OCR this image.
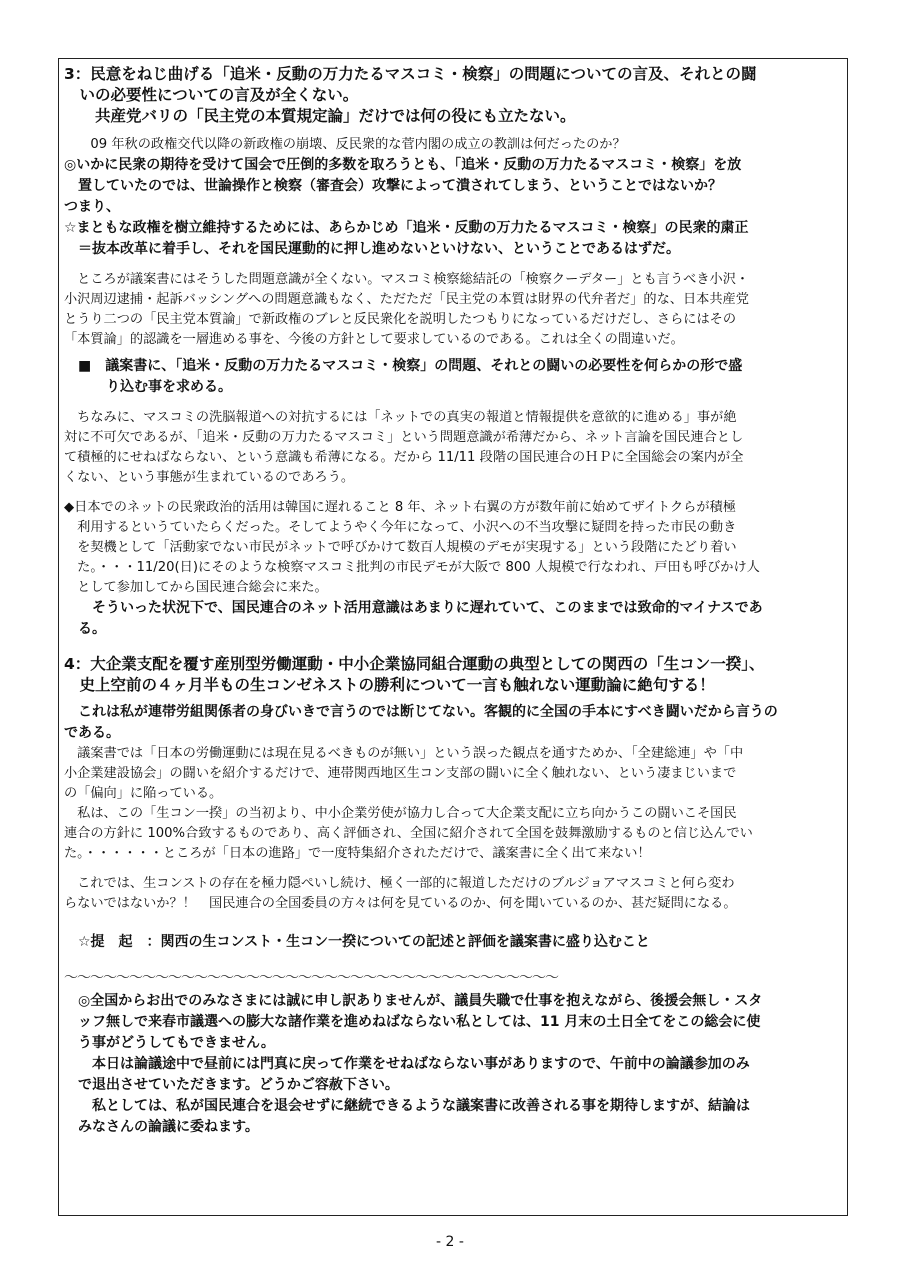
3：民意をねじ曲げる「追米・反動の万力たるマスコミ・検察」の問題についての言及、それとの闘
　いの必要性についての言及が全くない。
　　共産党バリの「民主党の本質規定論」だけでは何の役にも立たない。
　　09 年秋の政権交代以降の新政権の崩壊、反民衆的な菅内閣の成立の教訓は何だったのか？
◎いかに民衆の期待を受けて国会で圧倒的多数を取ろうとも、「追米・反動の万力たるマスコミ・検察」を放
　置していたのでは、世論操作と検察（審査会）攻撃によって潰されてしまう、ということではないか？
つまり、
☆まともな政権を樹立維持するためには、あらかじめ「追米・反動の万力たるマスコミ・検察」の民衆的粛正
　＝抜本改革に着手し、それを国民運動的に押し進めないといけない、ということであるはずだ。
　ところが議案書にはそうした問題意識が全くない。マスコミ検察総結託の「検察クーデター」とも言うべき小沢・
小沢周辺逮捕・起訴バッシングへの問題意識もなく、ただただ「民主党の本質は財界の代弁者だ」的な、日本共産党
とうり二つの「民主党本質論」で新政権のブレと反民衆化を説明したつもりになっているだけだし、さらにはその
「本質論」的認識を一層進める事を、今後の方針として要求しているのである。これは全くの間違いだ。
　■　議案書に、「追米・反動の万力たるマスコミ・検察」の問題、それとの闘いの必要性を何らかの形で盛
　　　り込む事を求める。
　ちなみに、マスコミの洗脳報道への対抗するには「ネットでの真実の報道と情報提供を意欲的に進める」事が絶
対に不可欠であるが、「追米・反動の万力たるマスコミ」という問題意識が希薄だから、ネット言論を国民連合とし
て積極的にせねばならない、という意識も希薄になる。だから 11/11 段階の国民連合のＨＰに全国総会の案内が全
くない、という事態が生まれているのであろう。
◆日本でのネットの民衆政治的活用は韓国に遅れること 8 年、ネット右翼の方が数年前に始めてザイトクらが積極
　利用するというていたらくだった。そしてようやく今年になって、小沢への不当攻撃に疑問を持った市民の動き
　を契機として「活動家でない市民がネットで呼びかけて数百人規模のデモが実現する」という段階にたどり着い
　た。・・・11/20(日)にそのような検察マスコミ批判の市民デモが大阪で 800 人規模で行なわれ、戸田も呼びかけ人
　として参加してから国民連合総会に来た。
　　そういった状況下で、国民連合のネット活用意識はあまりに遅れていて、このままでは致命的マイナスであ
　る。
4：大企業支配を覆す産別型労働運動・中小企業協同組合運動の典型としての関西の「生コン一揆」、
　史上空前の４ヶ月半もの生コンゼネストの勝利について一言も触れない運動論に絶句する！
　これは私が連帯労組関係者の身びいきで言うのでは断じてない。客観的に全国の手本にすべき闘いだから言うの
である。
　議案書では「日本の労働運動には現在見るべきものが無い」という誤った観点を通すためか、「全建総連」や「中
小企業建設協会」の闘いを紹介するだけで、連帯関西地区生コン支部の闘いに全く触れない、という凄まじいまで
の「偏向」に陥っている。
　私は、この「生コン一揆」の当初より、中小企業労使が協力し合って大企業支配に立ち向かうこの闘いこそ国民
連合の方針に 100%合致するものであり、高く評価され、全国に紹介されて全国を鼓舞激励するものと信じ込んでい
た。・・・・・・ところが「日本の進路」で一度特集紹介されただけで、議案書に全く出て来ない！
　これでは、生コンストの存在を極力隠ぺいし続け、極く一部的に報道しただけのブルジョアマスコミと何ら変わ
らないではないか？！　国民連合の全国委員の方々は何を見ているのか、何を聞いているのか、甚だ疑問になる。
　☆提　起　：関西の生コンスト・生コン一揆についての記述と評価を議案書に盛り込むこと
〜〜〜〜〜〜〜〜〜〜〜〜〜〜〜〜〜〜〜〜〜〜〜〜〜〜〜〜〜〜〜〜〜〜〜〜〜〜
　◎全国からお出でのみなさまには誠に申し訳ありませんが、議員失職で仕事を抱えながら、後援会無し・スタ
　ッフ無しで来春市議選への膨大な諸作業を進めねばならない私としては、11 月末の土日全てをこの総会に使
　う事がどうしてもできません。
　　本日は論議途中で昼前には門真に戻って作業をせねばならない事がありますので、午前中の論議参加のみ
　で退出させていただきます。どうかご容赦下さい。
　　私としては、私が国民連合を退会せずに継続できるような議案書に改善される事を期待しますが、結論は
　みなさんの論議に委ねます。
- 2 -
